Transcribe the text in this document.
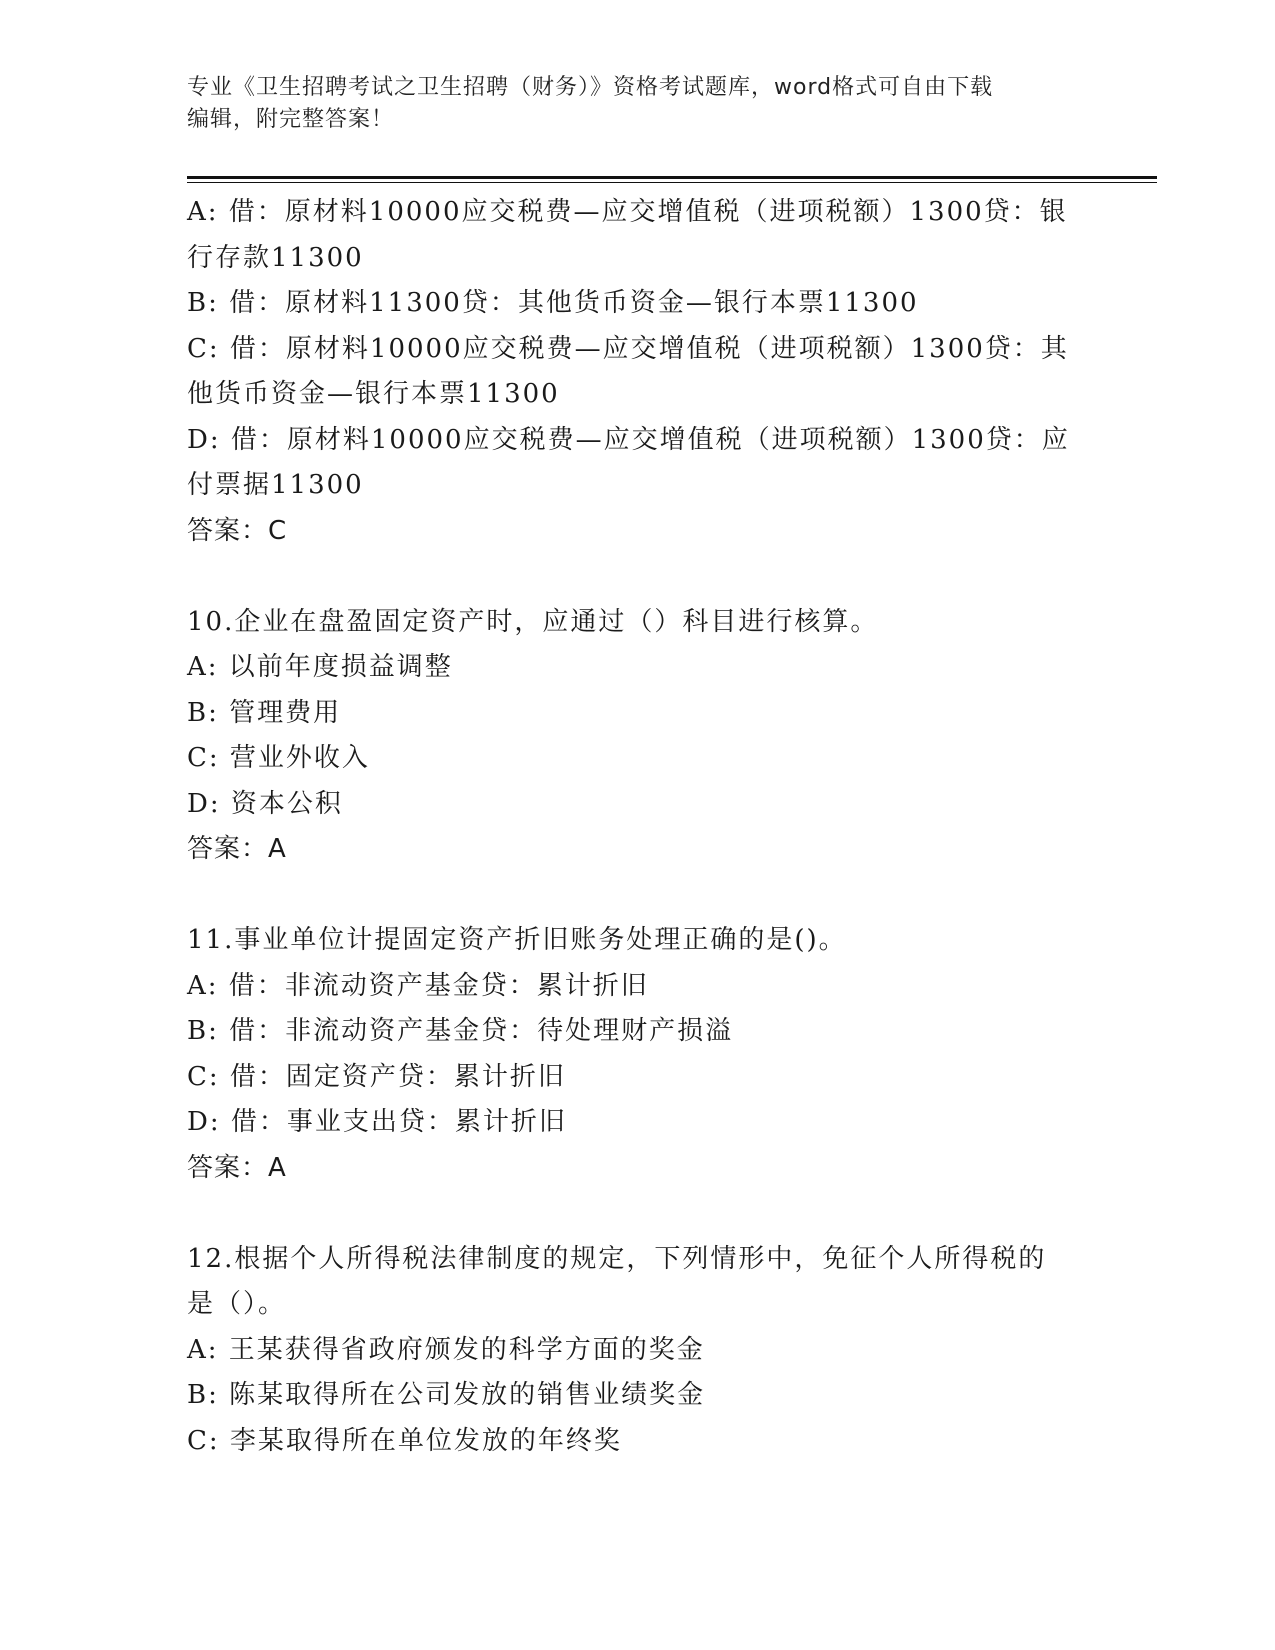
专业《卫生招聘考试之卫生招聘（财务）》资格考试题库，word格式可自由下载
编辑，附完整答案！
A: 借：原材料10000应交税费—应交增值税（进项税额）1300贷：银
行存款11300
B: 借：原材料11300贷：其他货币资金—银行本票11300
C: 借：原材料10000应交税费—应交增值税（进项税额）1300贷：其
他货币资金—银行本票11300
D: 借：原材料10000应交税费—应交增值税（进项税额）1300贷：应
付票据11300
答案：C
10.企业在盘盈固定资产时，应通过（）科目进行核算。
A: 以前年度损益调整
B: 管理费用
C: 营业外收入
D: 资本公积
答案：A
11.事业单位计提固定资产折旧账务处理正确的是()。
A: 借：非流动资产基金贷：累计折旧
B: 借：非流动资产基金贷：待处理财产损溢
C: 借：固定资产贷：累计折旧
D: 借：事业支出贷：累计折旧
答案：A
12.根据个人所得税法律制度的规定，下列情形中，免征个人所得税的
是（）。
A: 王某获得省政府颁发的科学方面的奖金
B: 陈某取得所在公司发放的销售业绩奖金
C: 李某取得所在单位发放的年终奖
